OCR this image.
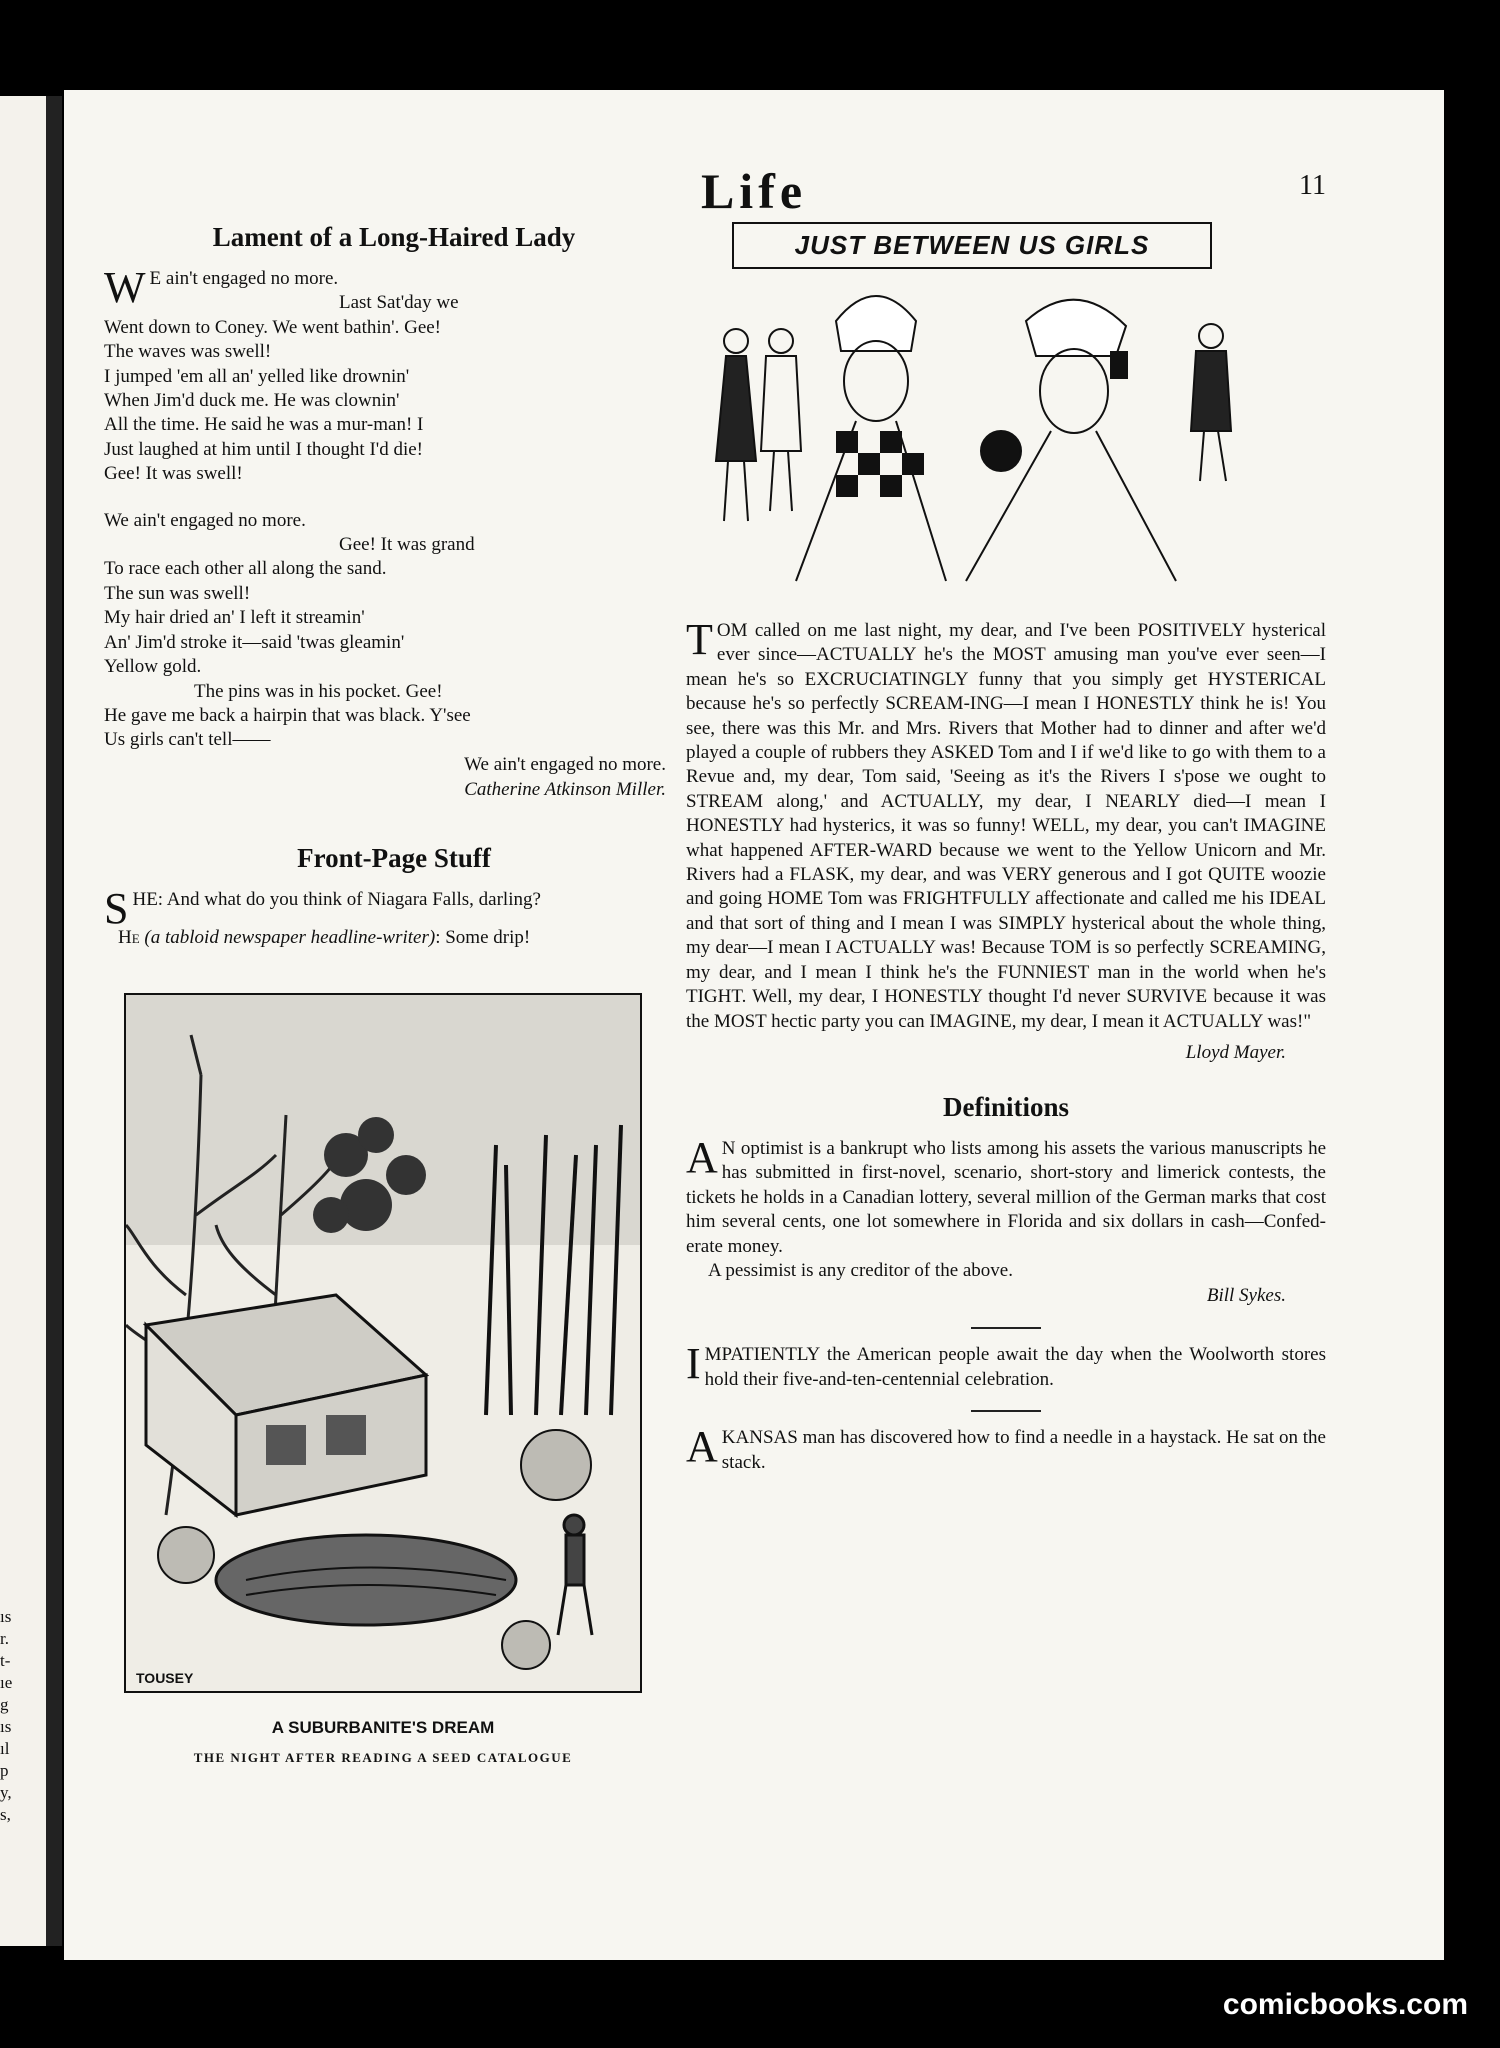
ıs
r.
t-
ıe
g
ıs
ıl
p
y,
s,
Life	11
Lament of a Long-Haired Lady

W E ain't engaged no more.

Last Sat'day we

Went down to Coney. We went bathin'. Gee!

The waves was swell!

I jumped 'em all an' yelled like drownin'

When Jim'd duck me. He was clownin'

All the time. He said he was a mur-man! I

Just laughed at him until I thought I'd die!

Gee! It was swell!

We ain't engaged no more.

Gee! It was grand

To race each other all along the sand.

The sun was swell!

My hair dried an' I left it streamin'

An' Jim'd stroke it—said 'twas gleamin'

Yellow gold.

The pins was in his pocket. Gee!

He gave me back a hairpin that was black. Y'see

Us girls can't tell——

We ain't engaged no more.

Catherine Atkinson Miller.
Front-Page Stuff

SHE: And what do you think of Niagara Falls, darling?

He (a tabloid newspaper headline-writer): Some drip!

TOUSEY
A SUBURBANITE'S DREAM
THE NIGHT AFTER READING A SEED CATALOGUE
JUST BETWEEN US GIRLS

TOM called on me last night, my dear, and I've been POSITIVELY hysterical ever since—ACTUALLY he's the MOST amusing man you've ever seen—I mean he's so EXCRUCIATINGLY funny that you simply get HYSTERICAL because he's so perfectly SCREAM-ING—I mean I HONESTLY think he is! You see, there was this Mr. and Mrs. Rivers that Mother had to dinner and after we'd played a couple of rubbers they ASKED Tom and I if we'd like to go with them to a Revue and, my dear, Tom said, 'Seeing as it's the Rivers I s'pose we ought to STREAM along,' and ACTUALLY, my dear, I NEARLY died—I mean I HONESTLY had hysterics, it was so funny! WELL, my dear, you can't IMAGINE what happened AFTER-WARD because we went to the Yellow Unicorn and Mr. Rivers had a FLASK, my dear, and was VERY generous and I got QUITE woozie and going HOME Tom was FRIGHTFULLY affectionate and called me his IDEAL and that sort of thing and I mean I was SIMPLY hysterical about the whole thing, my dear—I mean I ACTUALLY was! Because TOM is so perfectly SCREAMING, my dear, and I mean I think he's the FUNNIEST man in the world when he's TIGHT. Well, my dear, I HONESTLY thought I'd never SURVIVE because it was the MOST hectic party you can IMAGINE, my dear, I mean it ACTUALLY was!"

Lloyd Mayer.
Definitions

A N optimist is a bankrupt who lists among his assets the various manuscripts he has submitted in first-novel, scenario, short-story and limerick contests, the tickets he holds in a Canadian lottery, several million of the German marks that cost him several cents, one lot somewhere in Florida and six dollars in cash—Confed-erate money.

A pessimist is any creditor of the above.

Bill Sykes.

IMPATIENTLY the American people await the day when the Woolworth stores hold their five-and-ten-centennial celebration.

AKANSAS man has discovered how to find a needle in a haystack. He sat on the stack.

comicbooks.com
